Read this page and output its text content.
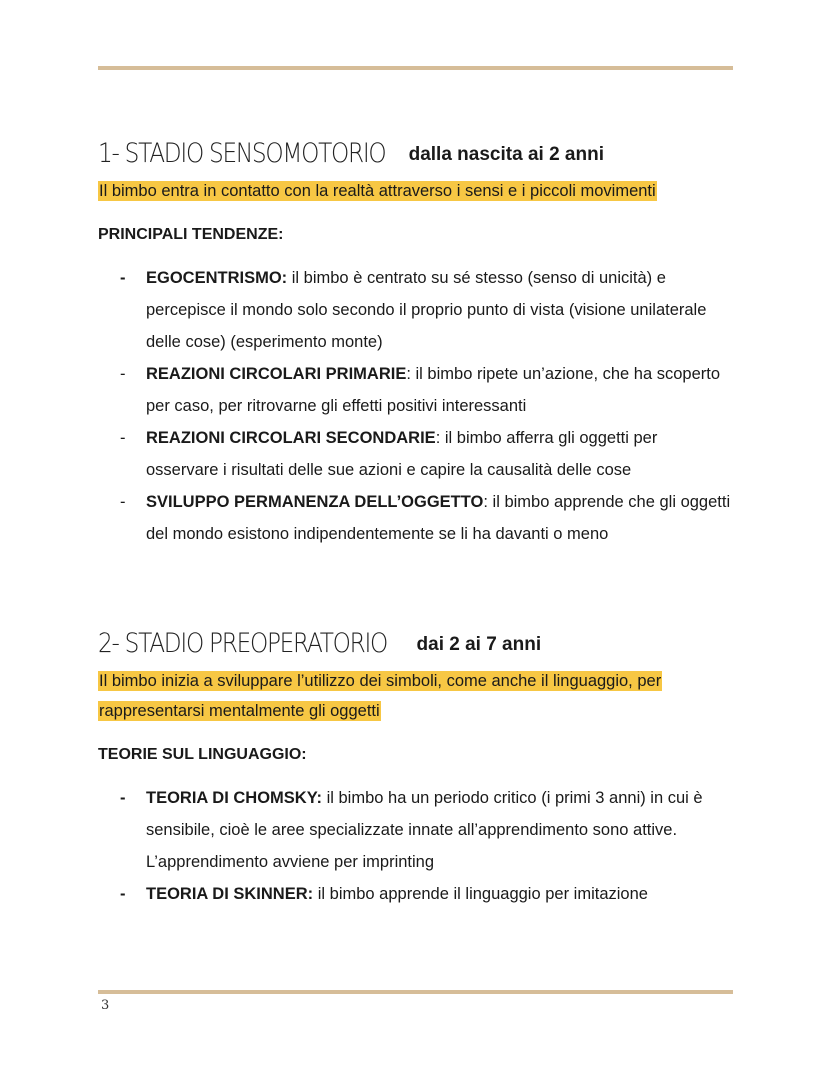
1- STADIO SENSOMOTORIO dalla nascita ai 2 anni
Il bimbo entra in contatto con la realtà attraverso i sensi e i piccoli movimenti
PRINCIPALI TENDENZE:
- EGOCENTRISMO: il bimbo è centrato su sé stesso (senso di unicità) e percepisce il mondo solo secondo il proprio punto di vista (visione unilaterale delle cose) (esperimento monte)
- REAZIONI CIRCOLARI PRIMARIE: il bimbo ripete un’azione, che ha scoperto per caso, per ritrovarne gli effetti positivi interessanti
- REAZIONI CIRCOLARI SECONDARIE: il bimbo afferra gli oggetti per osservare i risultati delle sue azioni e capire la causalità delle cose
- SVILUPPO PERMANENZA DELL’OGGETTO: il bimbo apprende che gli oggetti del mondo esistono indipendentemente se li ha davanti o meno
2- STADIO PREOPERATORIO dai 2 ai 7 anni
Il bimbo inizia a sviluppare l’utilizzo dei simboli, come anche il linguaggio, per
rappresentarsi mentalmente gli oggetti
TEORIE SUL LINGUAGGIO:
- TEORIA DI CHOMSKY: il bimbo ha un periodo critico (i primi 3 anni) in cui è sensibile, cioè le aree specializzate innate all’apprendimento sono attive. L’apprendimento avviene per imprinting
- TEORIA DI SKINNER: il bimbo apprende il linguaggio per imitazione
3
